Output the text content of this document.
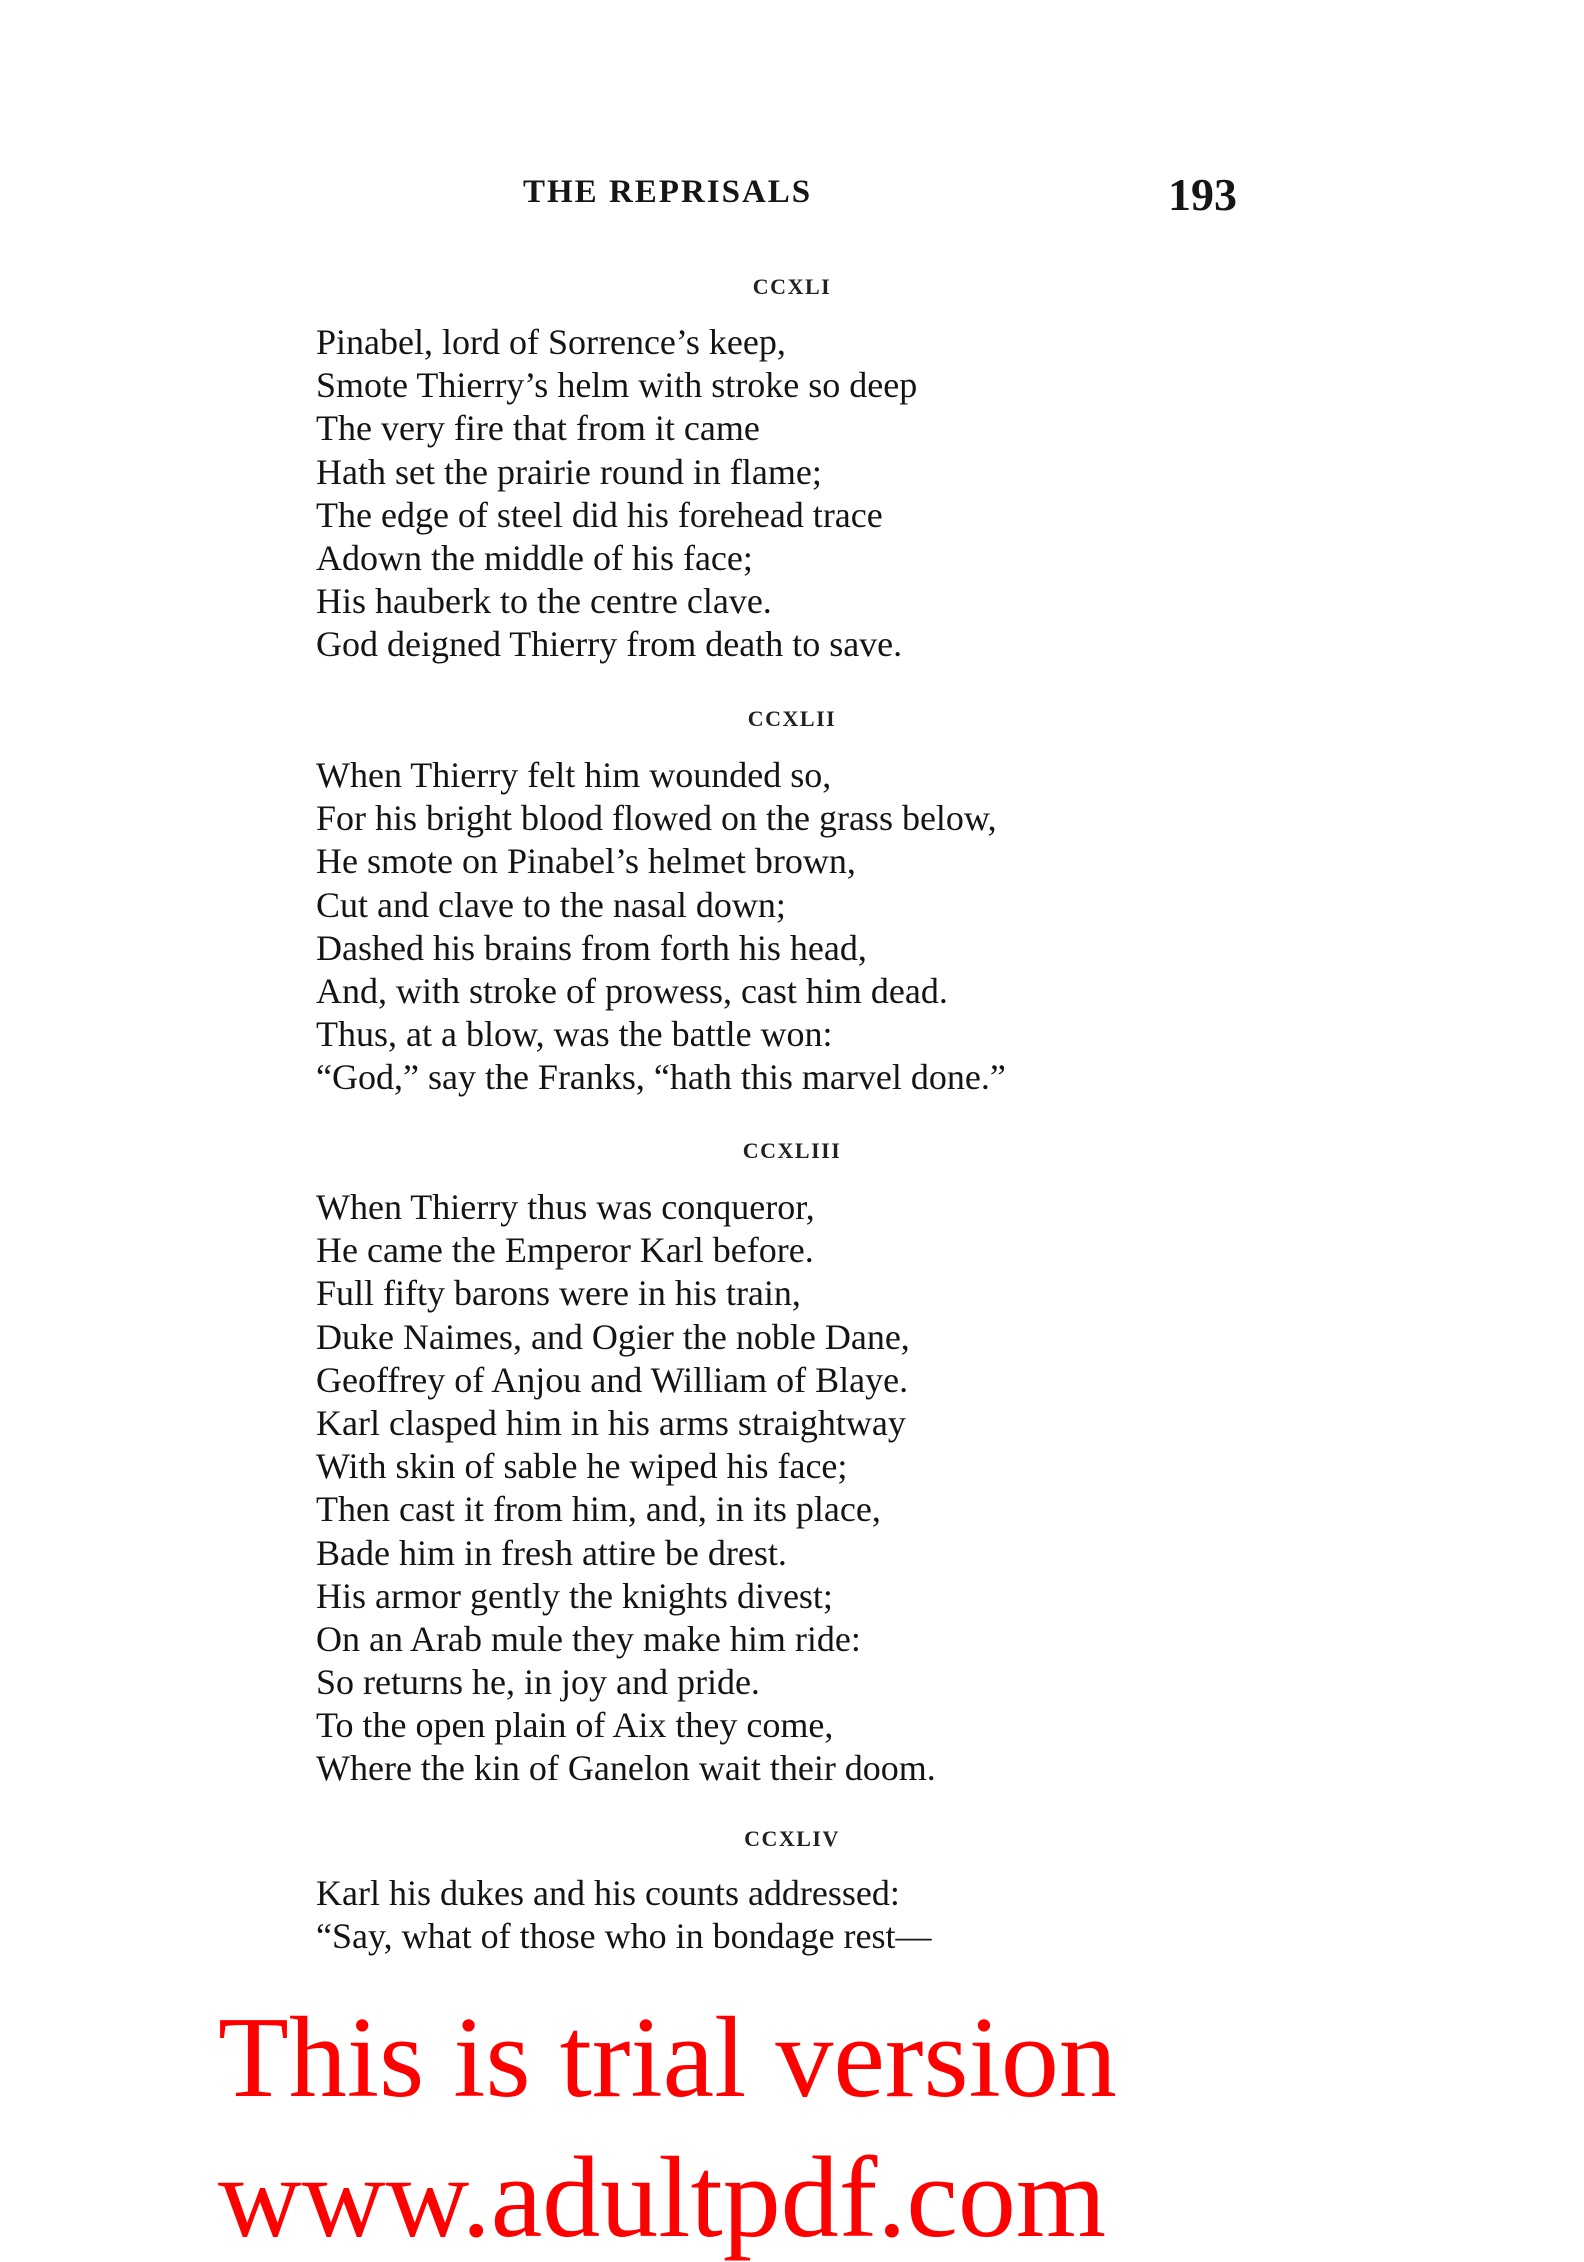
THE REPRISALS	193
CCXLI
Pinabel, lord of Sorrence’s keep,
Smote Thierry’s helm with stroke so deep
The very fire that from it came
Hath set the prairie round in flame;
The edge of steel did his forehead trace
Adown the middle of his face;
His hauberk to the centre clave.
God deigned Thierry from death to save.
CCXLII
When Thierry felt him wounded so,
For his bright blood flowed on the grass below,
He smote on Pinabel’s helmet brown,
Cut and clave to the nasal down;
Dashed his brains from forth his head,
And, with stroke of prowess, cast him dead.
Thus, at a blow, was the battle won:
“God,” say the Franks, “hath this marvel done.”
CCXLIII
When Thierry thus was conqueror,
He came the Emperor Karl before.
Full fifty barons were in his train,
Duke Naimes, and Ogier the noble Dane,
Geoffrey of Anjou and William of Blaye.
Karl clasped him in his arms straightway
With skin of sable he wiped his face;
Then cast it from him, and, in its place,
Bade him in fresh attire be drest.
His armor gently the knights divest;
On an Arab mule they make him ride:
So returns he, in joy and pride.
To the open plain of Aix they come,
Where the kin of Ganelon wait their doom.
CCXLIV
Karl his dukes and his counts addressed:
“Say, what of those who in bondage rest—
This is trial version
www.adultpdf.com
